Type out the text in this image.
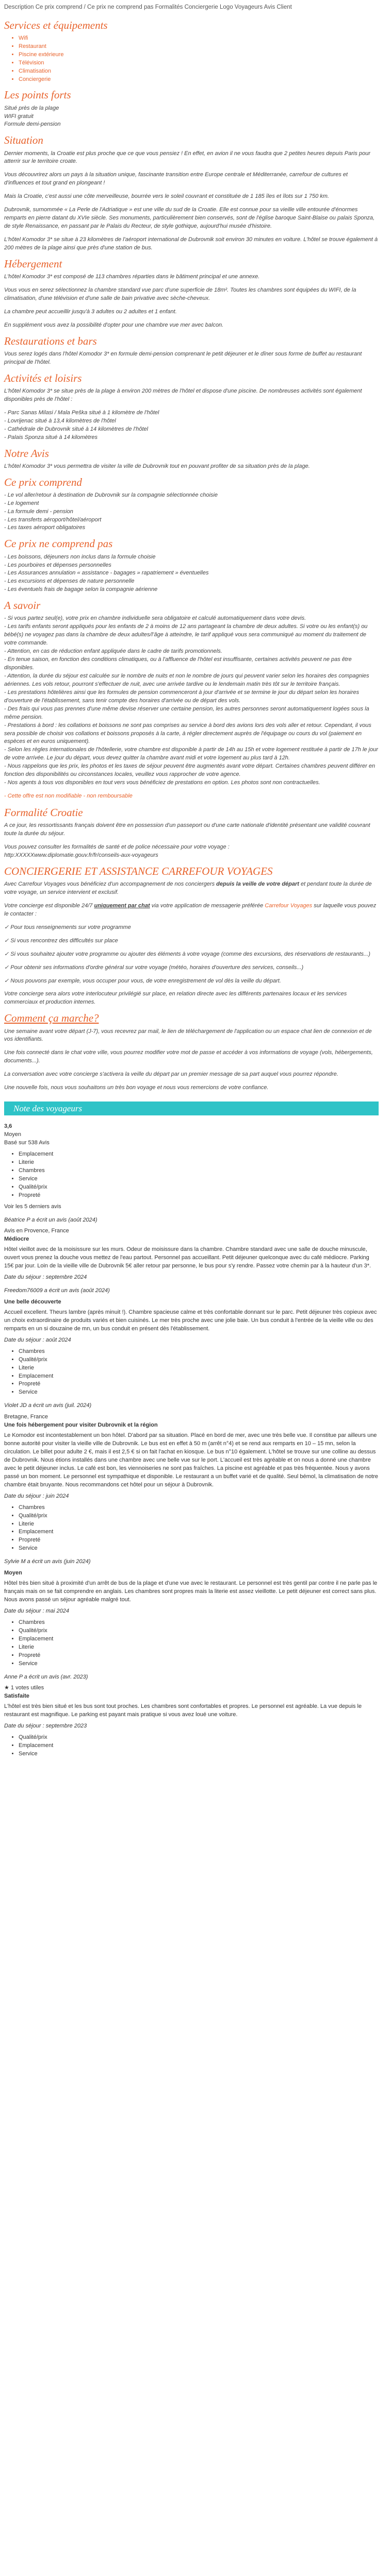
Description Ce prix comprend / Ce prix ne comprend pas Formalités Conciergerie Logo Voyageurs Avis Client

Services et équipements
• Wifi
• Restaurant
• Piscine extérieure
• Télévision
• Climatisation
• Conciergerie
Les points forts

Situé près de la plage

WIFI gratuit

Formule demi-pension

Situation

Dernier moments, la Croatie est plus proche que ce que vous pensiez ! En effet, en avion il ne vous faudra que 2 petites heures depuis Paris pour atterrir sur le territoire croate.

Vous découvrirez alors un pays à la situation unique, fascinante transition entre Europe centrale et Méditerranée, carrefour de cultures et d'influences et tout grand en plongeant !

Mais la Croatie, c'est aussi une côte merveilleuse, bourrée vers le soleil couvrant et constituée de 1 185 îles et îlots sur 1 750 km.

Dubrovnik, surnommée « La Perle de l'Adriatique » est une ville du sud de la Croatie. Elle est connue pour sa vieille ville entourée d'énormes remparts en pierre datant du XVIe siècle. Ses monuments, particulièrement bien conservés, sont de l'église baroque Saint-Blaise ou palais Sponza, de style Renaissance, en passant par le Palais du Recteur, de style gothique, aujourd'hui musée d'histoire.

L'hôtel Komodor 3* se situe à 23 kilomètres de l'aéroport international de Dubrovnik soit environ 30 minutes en voiture. L'hôtel se trouve également à 200 mètres de la plage ainsi que près d'une station de bus.

Hébergement

L'hôtel Komodor 3* est composé de 113 chambres réparties dans le bâtiment principal et une annexe.

Vous vous en serez sélectionnez la chambre standard vue parc d'une superficie de 18m². Toutes les chambres sont équipées du WIFI, de la climatisation, d'une télévision et d'une salle de bain privative avec sèche-cheveux.

La chambre peut accueillir jusqu'à 3 adultes ou 2 adultes et 1 enfant.

En supplément vous avez la possibilité d'opter pour une chambre vue mer avec balcon.

Restaurations et bars

Vous serez logés dans l'hôtel Komodor 3* en formule demi-pension comprenant le petit déjeuner et le dîner sous forme de buffet au restaurant principal de l'hôtel.

Activités et loisirs

L'hôtel Komodor 3* se situe près de la plage à environ 200 mètres de l'hôtel et dispose d'une piscine. De nombreuses activités sont également disponibles près de l'hôtel :

- Parc Sanas Milasi / Mala Peška situé à 1 kilomètre de l'hôtel

- Lovrijenac situé à 13,4 kilomètres de l'hôtel

- Cathédrale de Dubrovnik situé à 14 kilomètres de l'hôtel

- Palais Sponza situé à 14 kilomètres

Notre Avis

L'hôtel Komodor 3* vous permettra de visiter la ville de Dubrovnik tout en pouvant profiter de sa situation près de la plage.

Ce prix comprend

- Le vol aller/retour à destination de Dubrovnik sur la compagnie sélectionnée choisie

- Le logement

- La formule demi - pension

- Les transferts aéroport/hôtel/aéroport

- Les taxes aéroport obligatoires

Ce prix ne comprend pas

- Les boissons, déjeuners non inclus dans la formule choisie

- Les pourboires et dépenses personnelles

- Les Assurances annulation « assistance - bagages » rapatriement » éventuelles

- Les excursions et dépenses de nature personnelle

- Les éventuels frais de bagage selon la compagnie aérienne

A savoir

- Si vous partez seul(e), votre prix en chambre individuelle sera obligatoire et calculé automatiquement dans votre devis.

- Les tarifs enfants seront appliqués pour les enfants de 2 à moins de 12 ans partageant la chambre de deux adultes. Si votre ou les enfant(s) ou bébé(s) ne voyagez pas dans la chambre de deux adultes/l’âge à atteindre, le tarif appliqué vous sera communiqué au moment du traitement de votre commande.

- Attention, en cas de réduction enfant appliquée dans le cadre de tarifs promotionnels.

- En tenue saison, en fonction des conditions climatiques, ou à l'affluence de l'hôtel est insuffisante, certaines activités peuvent ne pas être disponibles.

- Attention, la durée du séjour est calculée sur le nombre de nuits et non le nombre de jours qui peuvent varier selon les horaires des compagnies aériennes. Les vols retour, pourront s'effectuer de nuit, avec une arrivée tardive ou le lendemain matin très tôt sur le territoire français.

- Les prestations hôtelières ainsi que les formules de pension commenceront à jour d'arrivée et se termine le jour du départ selon les horaires d'ouverture de l'établissement, sans tenir compte des horaires d'arrivée ou de départ des vols.

- Des frais qui vous pas prennes d'une même devise réserver une certaine pension, les autres personnes seront automatiquement logées sous la même pension.

- Prestations à bord : les collations et boissons ne sont pas comprises au service à bord des avions lors des vols aller et retour. Cependant, il vous sera possible de choisir vos collations et boissons proposés à la carte, à régler directement auprès de l'équipage ou cours du vol (paiement en espèces et en euros uniquement).

- Selon les règles internationales de l'hôtellerie, votre chambre est disponible à partir de 14h au 15h et votre logement restituée à partir de 17h le jour de votre arrivée. Le jour du départ, vous devez quitter la chambre avant midi et votre logement au plus tard à 12h.

- Nous rappelons que les prix, les photos et les taxes de séjour peuvent être augmentés avant votre départ. Certaines chambres peuvent différer en fonction des disponibilités ou circonstances locales, veuillez vous rapprocher de votre agence.

- Nos agents à tous vos disponibles en tout vers vous bénéficiez de prestations en option. Les photos sont non contractuelles.

- Cette offre est non modifiable - non remboursable

Formalité Croatie

A ce jour, les ressortissants français doivent être en possession d'un passeport ou d'une carte nationale d'identité présentant une validité couvrant toute la durée du séjour.

Vous pouvez consulter les formalités de santé et de police nécessaire pour votre voyage :

http:XXXXXwww.diplomatie.gouv.fr/fr/conseils-aux-voyageurs

CONCIERGERIE ET ASSISTANCE CARREFOUR VOYAGES

Avec Carrefour Voyages vous bénéficiez d'un accompagnement de nos conciergers depuis la veille de votre départ et pendant toute la durée de votre voyage, un service intervient et exclusif.

Votre concierge est disponible 24/7 uniquement par chat via votre application de messagerie préférée Carrefour Voyages sur laquelle vous pouvez le contacter :

✓ Pour tous renseignements sur votre programme

✓ Si vous rencontrez des difficultés sur place

✓ Si vous souhaitez ajouter votre programme ou ajouter des éléments à votre voyage (comme des excursions, des réservations de restaurants...)

✓ Pour obtenir ses informations d'ordre général sur votre voyage (météo, horaires d'ouverture des services, conseils...)

✓ Nous pouvons par exemple, vous occuper pour vous, de votre enregistrement de vol dès la veille du départ.

Votre concierge sera alors votre interlocuteur privilégié sur place, en relation directe avec les différents partenaires locaux et les services commerciaux et production internes.

Comment ça marche?

Une semaine avant votre départ (J-7), vous recevrez par mail, le lien de téléchargement de l'application ou un espace chat lien de connexion et de vos identifiants.

Une fois connecté dans le chat votre ville, vous pourrez modifier votre mot de passe et accéder à vos informations de voyage (vols, hébergements, documents...).

La conversation avec votre concierge s'activera la veille du départ par un premier message de sa part auquel vous pourrez répondre.

Une nouvelle fois, nous vous souhaitons un très bon voyage et nous vous remercions de votre confiance.

Note des voyageurs

3,6

Moyen

Basé sur 538 Avis

• Emplacement
• Literie
• Chambres
• Service
• Qualité/prix
• Propreté

Voir les 5 derniers avis

Béatrice P a écrit un avis (août 2024)

Avis en Provence, France

Médiocre

Hôtel vieillot avec de la moisissure sur les murs. Odeur de moisissure dans la chambre. Chambre standard avec une salle de douche minuscule, ouvert vous prenez la douche vous mettez de l'eau partout. Personnel pas accueillant. Petit déjeuner quelconque avec du café médiocre. Parking 15€ par jour. Loin de la vieille ville de Dubrovnik 5€ aller retour par personne, le bus pour s'y rendre. Passez votre chemin par à la hauteur d'un 3*.

Date du séjour : septembre 2024

Freedom76009 a écrit un avis (août 2024)

Une belle découverte

Accueil excellent. Theurs lambre (après minuit !). Chambre spacieuse calme et très confortable donnant sur le parc. Petit déjeuner très copieux avec un choix extraordinaire de produits variés et bien cuisinés. Le mer très proche avec une jolie baie. Un bus conduit à l'entrée de la vieille ville ou des remparts en un si douzaine de mn, un bus conduit en présent dès l'établissement.

Date du séjour : août 2024

• Chambres
• Qualité/prix
• Literie
• Emplacement
• Propreté
• Service

Violet JD a écrit un avis (juil. 2024)

Bretagne, France

Une fois hébergement pour visiter Dubrovnik et la région

Le Komodor est incontestablement un bon hôtel. D'abord par sa situation. Placé en bord de mer, avec une très belle vue. Il constitue par ailleurs une bonne autorité pour visiter la vieille ville de Dubrovnik. Le bus est en effet à 50 m (arrêt n°4) et se rend aux remparts en 10 – 15 mn, selon la circulation. Le billet pour adulte 2 €, mais il est 2,5 € si on fait l'achat en kiosque. Le bus n°10 également. L'hôtel se trouve sur une colline au dessus de Dubrovnik. Nous étions installés dans une chambre avec une belle vue sur le port. L'accueil est très agréable et on nous a donné une chambre avec le petit déjeuner inclus. Le café est bon, les viennoiseries ne sont pas fraîches. La piscine est agréable et pas très fréquentée. Nous y avons passé un bon moment. Le personnel est sympathique et disponible. Le restaurant a un buffet varié et de qualité. Seul bémol, la climatisation de notre chambre était bruyante. Nous recommandons cet hôtel pour un séjour à Dubrovnik.

Date du séjour : juin 2024

• Chambres
• Qualité/prix
• Literie
• Emplacement
• Propreté
• Service

Sylvie M a écrit un avis (juin 2024)

Moyen

Hôtel très bien situé à proximité d'un arrêt de bus de la plage et d'une vue avec le restaurant. Le personnel est très gentil par contre il ne parle pas le français mais on se fait comprendre en anglais. Les chambres sont propres mais la literie est assez vieillotte. Le petit déjeuner est correct sans plus. Nous avons passé un séjour agréable malgré tout.

Date du séjour : mai 2024

• Chambres
• Qualité/prix
• Emplacement
• Literie
• Propreté
• Service

Anne P a écrit un avis (avr. 2023)

★ 1 votes utiles

Satisfaite

L'hôtel est très bien situé et les bus sont tout proches. Les chambres sont confortables et propres. Le personnel est agréable. La vue depuis le restaurant est magnifique. Le parking est payant mais pratique si vous avez loué une voiture.

Date du séjour : septembre 2023

• Qualité/prix
• Emplacement
• Service
